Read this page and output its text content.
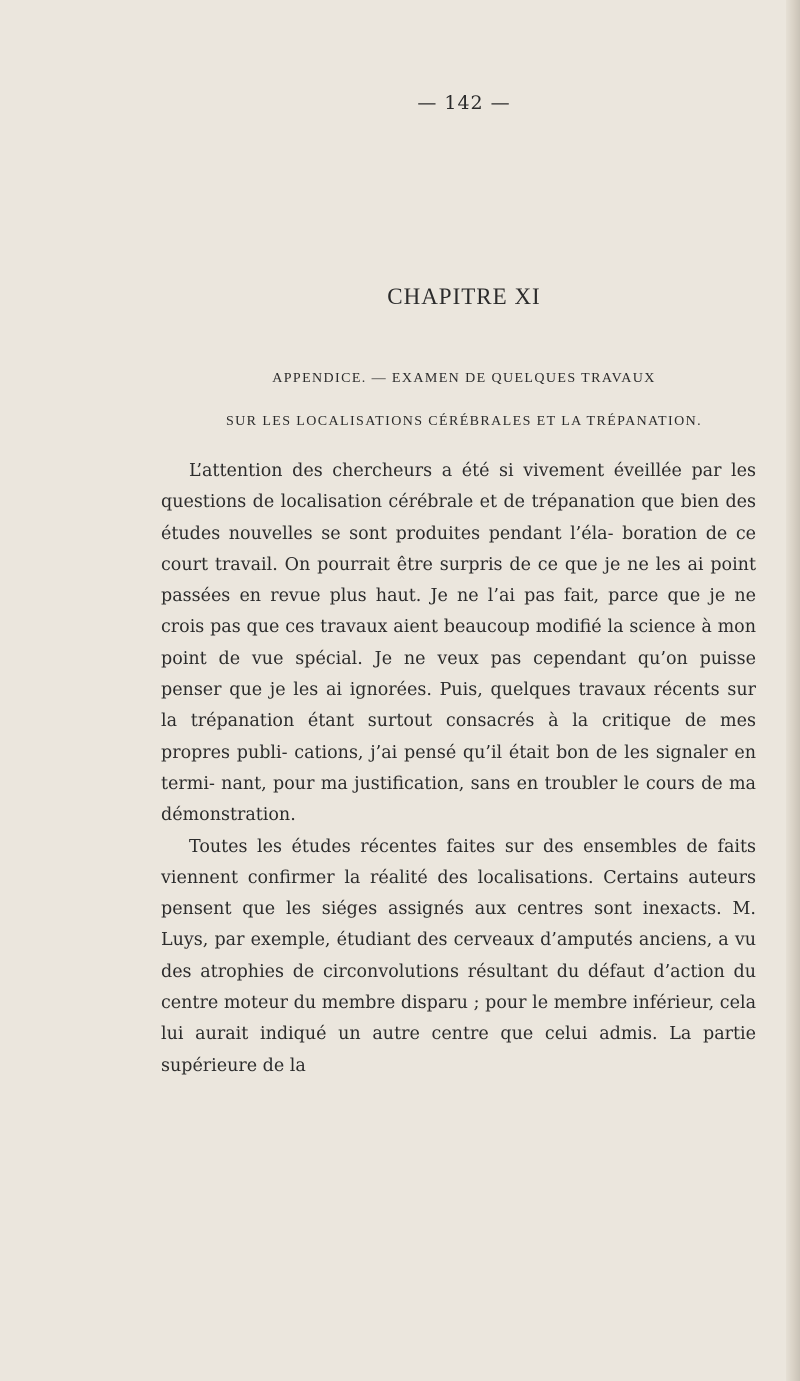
— 142 —
CHAPITRE XI
APPENDICE. — EXAMEN DE QUELQUES TRAVAUX
SUR LES LOCALISATIONS CÉRÉBRALES ET LA TRÉPANATION.

L’attention des chercheurs a été si vivement éveillée par les questions de localisation cérébrale et de trépanation que bien des études nouvelles se sont produites pendant l’éla- boration de ce court travail. On pourrait être surpris de ce que je ne les ai point passées en revue plus haut. Je ne l’ai pas fait, parce que je ne crois pas que ces travaux aient beaucoup modifié la science à mon point de vue spécial. Je ne veux pas cependant qu’on puisse penser que je les ai ignorées. Puis, quelques travaux récents sur la trépanation étant surtout consacrés à la critique de mes propres publi- cations, j’ai pensé qu’il était bon de les signaler en termi- nant, pour ma justification, sans en troubler le cours de ma démonstration.

Toutes les études récentes faites sur des ensembles de faits viennent confirmer la réalité des localisations. Certains auteurs pensent que les siéges assignés aux centres sont inexacts. M. Luys, par exemple, étudiant des cerveaux d’amputés anciens, a vu des atrophies de circonvolutions résultant du défaut d’action du centre moteur du membre disparu ; pour le membre inférieur, cela lui aurait indiqué un autre centre que celui admis. La partie supérieure de la
